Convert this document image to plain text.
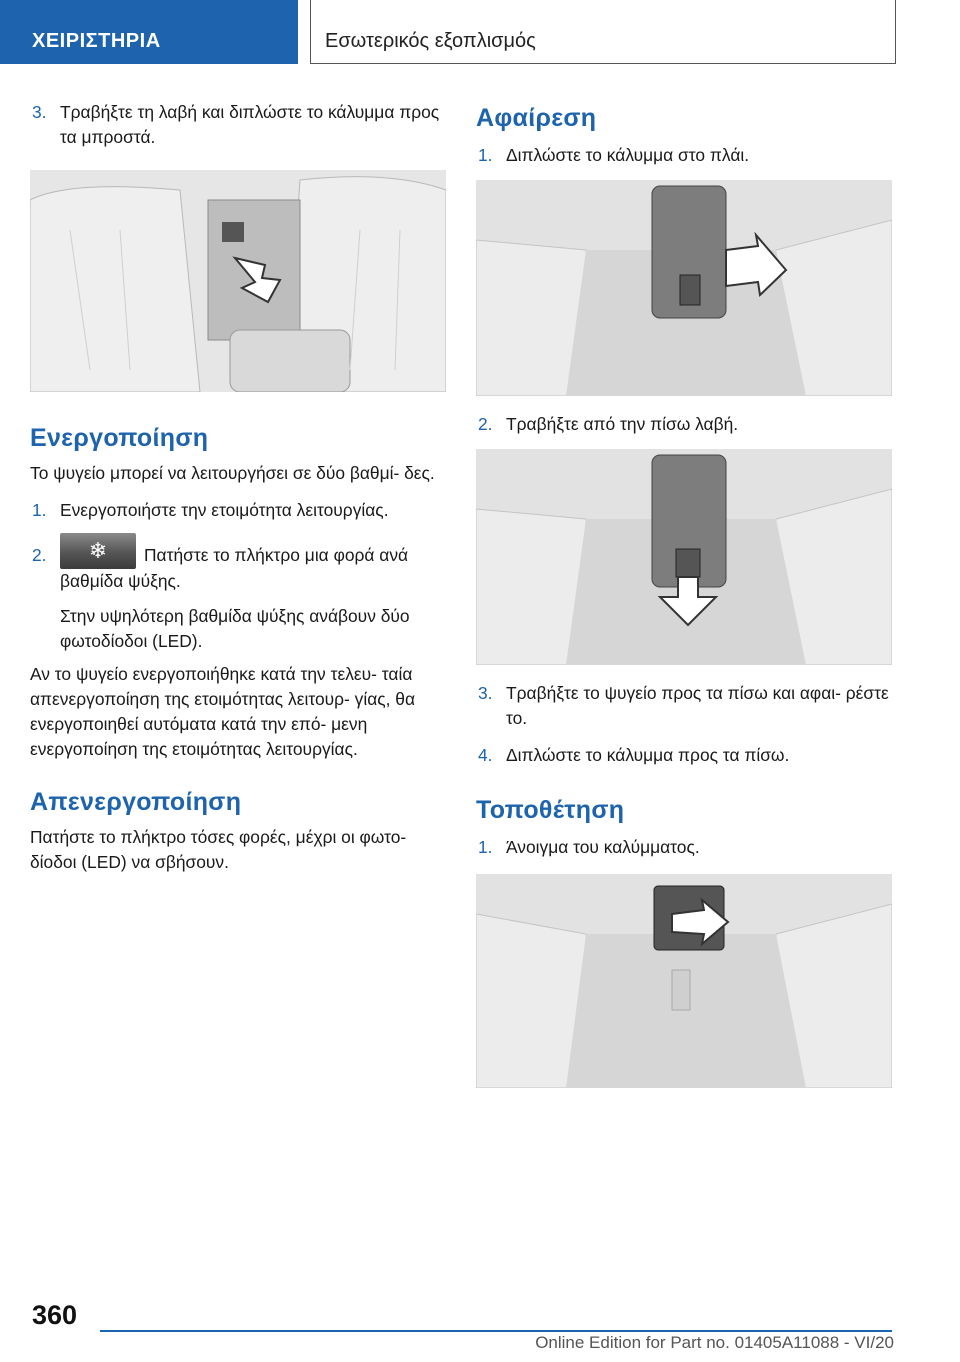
ΧΕΙΡΙΣΤΗΡΙΑ	Εσωτερικός εξοπλισμός
3 . Τραβήξτε τη λαβή και διπλώστε το κάλυμμα προς τα μπροστά.
Ενεργοποίηση

Το ψυγείο μπορεί να λειτουργήσει σε δύο βαθμί- δες.

1 . Ενεργοποιήστε την ετοιμότητα λειτουργίας.
2 . ❄ Πατήστε το πλήκτρο μια φορά ανά βαθμίδα ψύξης.

Στην υψηλότερη βαθμίδα ψύξης ανάβουν δύο φωτοδίοδοι (LED).

Αν το ψυγείο ενεργοποιήθηκε κατά την τελευ- ταία απενεργοποίηση της ετοιμότητας λειτουρ- γίας, θα ενεργοποιηθεί αυτόματα κατά την επό- μενη ενεργοποίηση της ετοιμότητας λειτουργίας.

Απενεργοποίηση

Πατήστε το πλήκτρο τόσες φορές, μέχρι οι φωτο- δίοδοι (LED) να σβήσουν.

Αφαίρεση
1 . Διπλώστε το κάλυμμα στο πλάι.
2 . Τραβήξτε από την πίσω λαβή.
3 . Τραβήξτε το ψυγείο προς τα πίσω και αφαι- ρέστε το.
4 . Διπλώστε το κάλυμμα προς τα πίσω.
Τοποθέτηση
1 . Άνοιγμα του καλύμματος.
360
Online Edition for Part no. 01405A11088 - VI/20
